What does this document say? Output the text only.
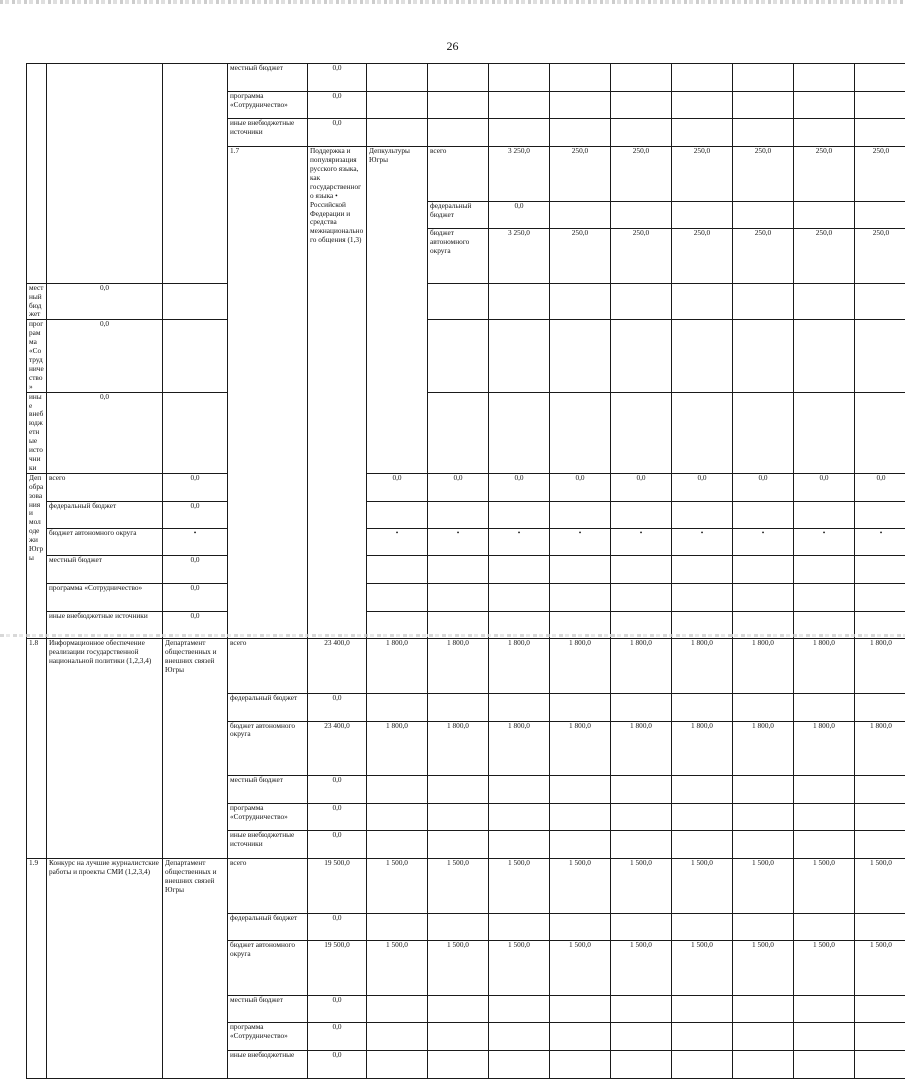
26
			местный бюджет	0,0										
			программа «Сотрудничество»	0,0										
			иные внебюджетные источники	0,0										
			1.7	Поддержка и популяризация русского языка, как государственного языка • Российской Федерации и средства межнационального общения (1,3)	Депкультуры Югры	всего	3 250,0	250,0	250,0	250,0	250,0	250,0	250,0				
						федеральный бюджет	0,0										
						бюджет автономного округа	3 250,0	250,0	250,0	250,0	250,0	250,0	250,0				
местный бюджет	0,0										
программа «Сотрудничество»	0,0										
иные внебюджетные источники	0,0										
Депобразова ния и молодежи Югры	всего	0,0			0,0	0,0	0,0	0,0	0,0	0,0	0,0	0,0	0,0	
	федеральный бюджет	0,0										
	бюджет автономного округа	•			•	•	•	•	•	•	•	•	•	
	местный бюджет	0,0										
	программа «Сотрудничество»	0,0										
	иные внебюджетные источники	0,0										
1.8	Информационное обеспечение реализации государственной национальной политики (1,2,3,4)	Департамент общественных и внешних связей Югры	всего	23 400,0	1 800,0	1 800,0	1 800,0	1 800,0	1 800,0	1 800,0	1 800,0	1 800,0	1 800,0	
			федеральный бюджет	0,0										
			бюджет автономного округа	23 400,0	1 800,0	1 800,0	1 800,0	1 800,0	1 800,0	1 800,0	1 800,0	1 800,0	1 800,0	
			местный бюджет	0,0										
			программа «Сотрудничество»	0,0										
			иные внебюджетные источники	0,0										
1.9	Конкурс на лучшие журналистские работы и проекты СМИ (1,2,3,4)	Департамент общественных и внешних связей Югры	всего	19 500,0	1 500,0	1 500,0	1 500,0	1 500,0	1 500,0	1 500,0	1 500,0	1 500,0	1 500,0	
			федеральный бюджет	0,0										
			бюджет автономного округа	19 500,0	1 500,0	1 500,0	1 500,0	1 500,0	1 500,0	1 500,0	1 500,0	1 500,0	1 500,0	
			местный бюджет	0,0										
			программа «Сотрудничество»	0,0										
			иные внебюджетные	0,0										
